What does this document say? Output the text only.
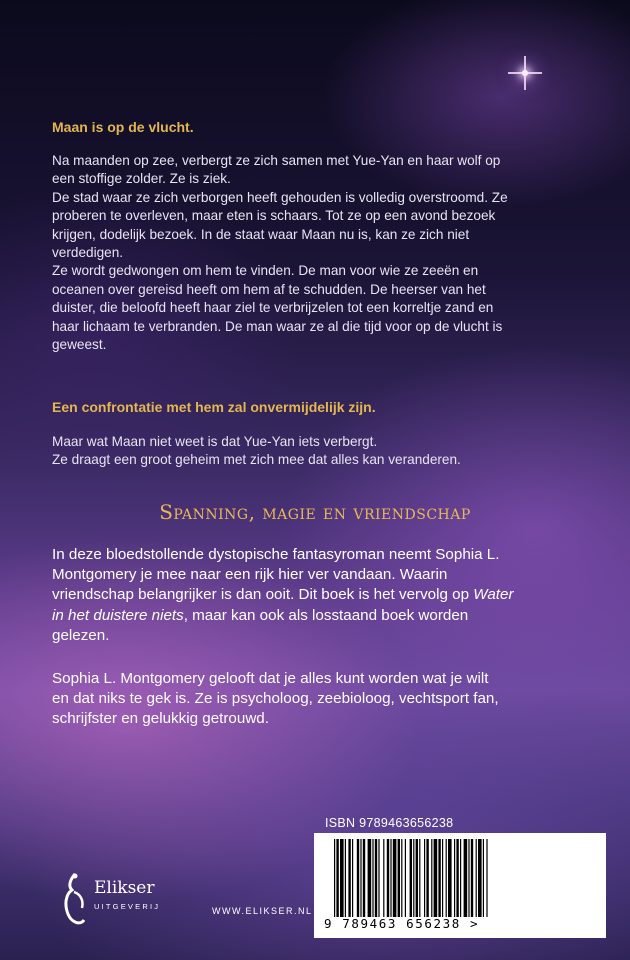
Maan is op de vlucht.

Na maanden op zee, verbergt ze zich samen met Yue-Yan en haar wolf op

een stoffige zolder. Ze is ziek.

De stad waar ze zich verborgen heeft gehouden is volledig overstroomd. Ze

proberen te overleven, maar eten is schaars. Tot ze op een avond bezoek

krijgen, dodelijk bezoek. In de staat waar Maan nu is, kan ze zich niet

verdedigen.

Ze wordt gedwongen om hem te vinden. De man voor wie ze zeeën en

oceanen over gereisd heeft om hem af te schudden. De heerser van het

duister, die beloofd heeft haar ziel te verbrijzelen tot een korreltje zand en

haar lichaam te verbranden. De man waar ze al die tijd voor op de vlucht is

geweest.

Een confrontatie met hem zal onvermijdelijk zijn.

Maar wat Maan niet weet is dat Yue-Yan iets verbergt.

Ze draagt een groot geheim met zich mee dat alles kan veranderen.

Spanning, magie en vriendschap

In deze bloedstollende dystopische fantasyroman neemt Sophia L.

Montgomery je mee naar een rijk hier ver vandaan. Waarin

vriendschap belangrijker is dan ooit. Dit boek is het vervolg op Water

in het duistere niets, maar kan ook als losstaand boek worden

gelezen.

Sophia L. Montgomery gelooft dat je alles kunt worden wat je wilt

en dat niks te gek is. Ze is psycholoog, zeebioloog, vechtsport fan,

schrijfster en gelukkig getrouwd.

ISBN 9789463656238
9 789463 656238 >
Elikser
UITGEVERIJ	WWW.ELIKSER.NL
